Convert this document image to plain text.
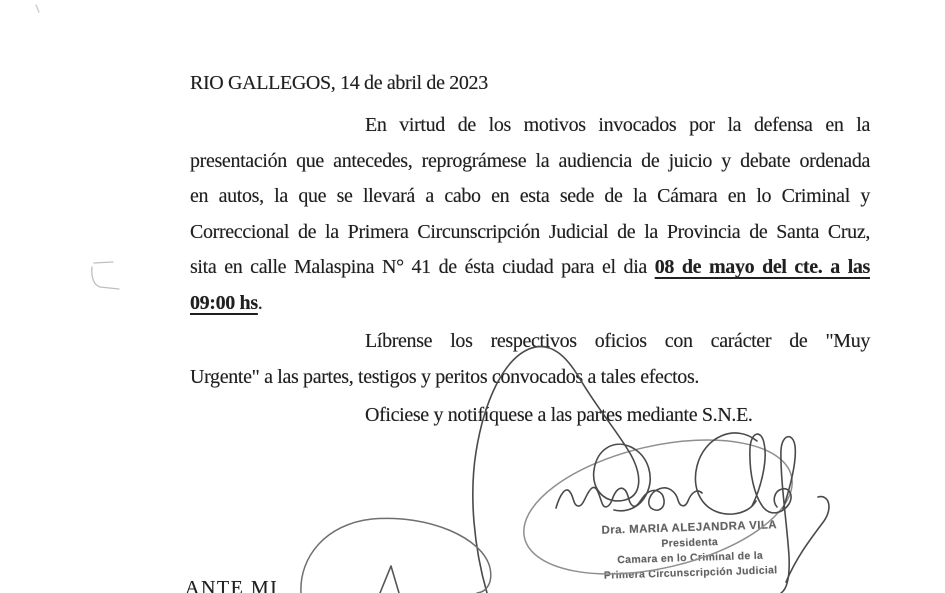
RIO GALLEGOS, 14 de abril de 2023
En virtud de los motivos invocados por la defensa en la
presentación que antecedes, reprográmese la audiencia de juicio y debate ordenada
en autos, la que se llevará a cabo en esta sede de la Cámara en lo Criminal y
Correccional de la Primera Circunscripción Judicial de la Provincia de Santa Cruz,
sita en calle Malaspina N° 41 de ésta ciudad para el dia 08 de mayo del cte. a las
09:00 hs.
Líbrense los respectivos oficios con carácter de "Muy
Urgente" a las partes, testigos y peritos convocados a tales efectos.
Oficiese y notifíquese a las partes mediante S.N.E.
Dra. MARIA ALEJANDRA VILA
Presidenta
Camara en lo Criminal de la
Primera Circunscripción Judicial
ANTE MI
